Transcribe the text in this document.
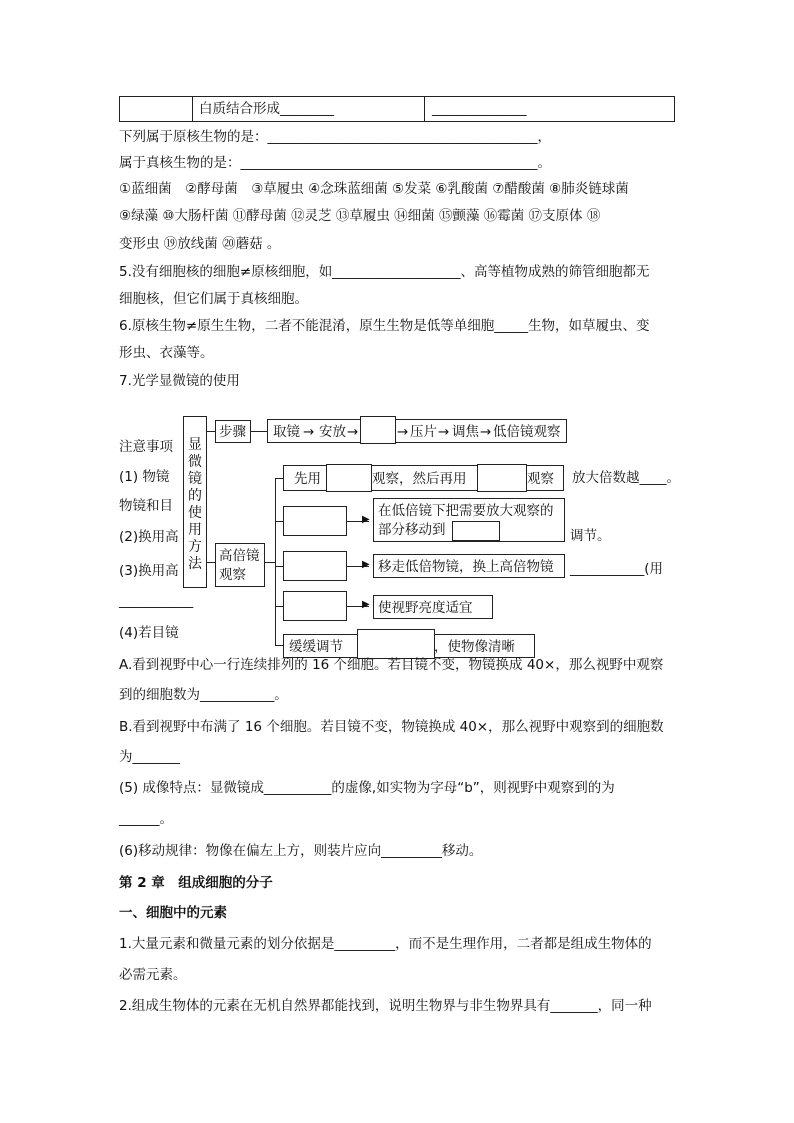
白质结合形成________	______________
下列属于原核生物的是：________________________________________，
属于真核生物的是：____________________________________________。
①蓝细菌　②酵母菌　③草履虫 ④念珠蓝细菌 ⑤发菜 ⑥乳酸菌 ⑦醋酸菌 ⑧肺炎链球菌
⑨绿藻 ⑩大肠杆菌 ⑪酵母菌 ⑫灵芝 ⑬草履虫 ⑭细菌 ⑮颤藻 ⑯霉菌 ⑰支原体 ⑱
变形虫 ⑲放线菌 ⑳蘑菇 。
5.没有细胞核的细胞≠原核细胞，如___________________、高等植物成熟的筛管细胞都无
细胞核，但它们属于真核细胞。
6.原核生物≠原生生物，二者不能混淆，原生生物是低等单细胞_____生物，如草履虫、变
形虫、衣藻等。
7.光学显微镜的使用
注意事项
(1) 物镜
物镜和目
(2)换用高
(3)换用高
___________
(4)若目镜
显微镜的使用方法
步骤 取镜 → 安放 →	→ 压片 → 调焦 → 低倍镜观察
高倍镜
观察
先用	观察，然后再用	观察 放大倍数越____。
▶
在低倍镜下把需要放大观察的
部分移动到	调节。
▶ 移走低倍物镜，换上高倍物镜 ___________(用
▶ 使视野亮度适宜
缓缓调节	，使物像清晰
A.看到视野中心一行连续排列的 16 个细胞。若目镜不变，物镜换成 40×，那么视野中观察
到的细胞数为___________。
B.看到视野中布满了 16 个细胞。若目镜不变，物镜换成 40×，那么视野中观察到的细胞数
为_______
(5) 成像特点：显微镜成__________的虚像,如实物为字母“b”，则视野中观察到的为
______。
(6)移动规律：物像在偏左上方，则装片应向_________移动。
第 2 章　组成细胞的分子
一、细胞中的元素
1.大量元素和微量元素的划分依据是_________，而不是生理作用，二者都是组成生物体的
必需元素。
2.组成生物体的元素在无机自然界都能找到，说明生物界与非生物界具有_______，同一种
